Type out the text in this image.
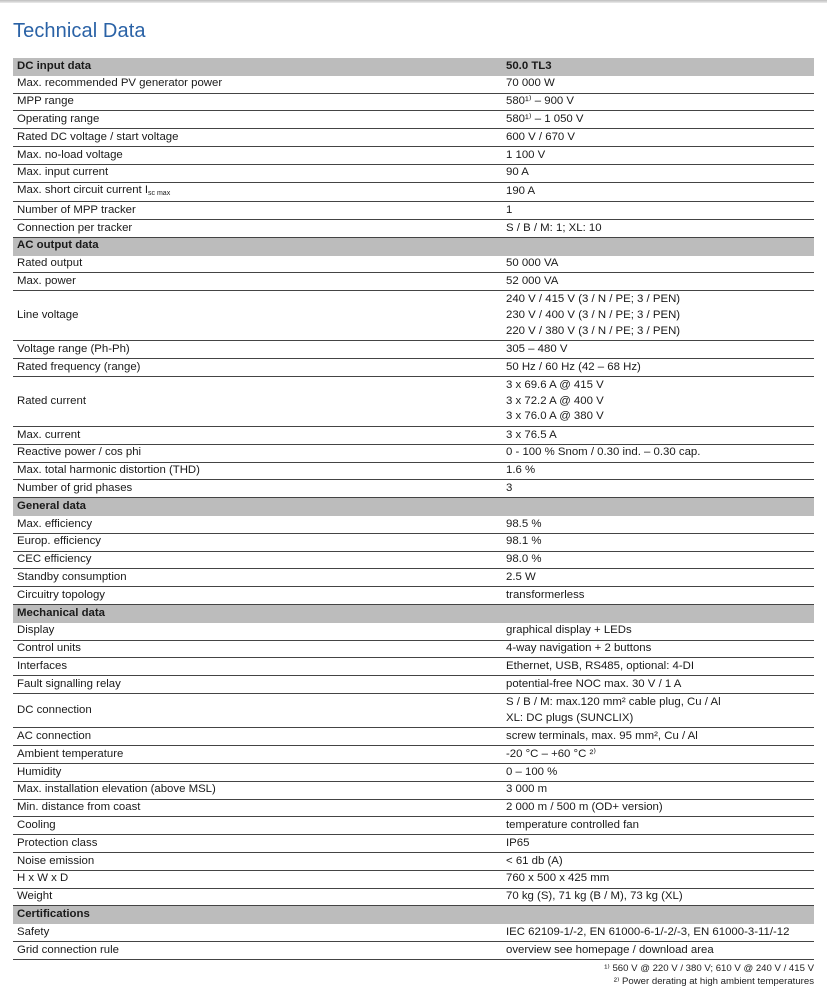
Technical Data
DC input data	50.0 TL3
Max. recommended PV generator power	70 000 W

MPP range	580¹⁾ – 900 V

Operating range	580¹⁾ – 1 050 V

Rated DC voltage / start voltage	600 V / 670 V

Max. no-load voltage	1 100 V

Max. input current	90 A

Max. short circuit current $I_{sc max}$	190 A

Number of MPP tracker	1

Connection per tracker	S / B / M: 1; XL: 10

AC output data	
Rated output	50 000 VA

Max. power	52 000 VA

Line voltage	240 V / 415 V (3 / N / PE; 3 / PEN)
230 V / 400 V (3 / N / PE; 3 / PEN)
220 V / 380 V (3 / N / PE; 3 / PEN)

Voltage range (Ph-Ph)	305 – 480 V

Rated frequency (range)	50 Hz / 60 Hz (42 – 68 Hz)

Rated current	3 x 69.6 A @ 415 V
3 x 72.2 A @ 400 V
3 x 76.0 A @ 380 V

Max. current	3 x 76.5 A

Reactive power / cos phi	0 - 100 % Snom / 0.30 ind. – 0.30 cap.

Max. total harmonic distortion (THD)	1.6 %

Number of grid phases	3

General data	
Max. efficiency	98.5 %

Europ. efficiency	98.1 %

CEC efficiency	98.0 %

Standby consumption	2.5 W

Circuitry topology	transformerless

Mechanical data	
Display	graphical display + LEDs

Control units	4-way navigation + 2 buttons

Interfaces	Ethernet, USB, RS485, optional: 4-DI

Fault signalling relay	potential-free NOC max. 30 V / 1 A

DC connection	S / B / M: max.120 mm² cable plug, Cu / Al
XL: DC plugs (SUNCLIX)

AC connection	screw terminals, max. 95 mm², Cu / Al

Ambient temperature	-20 °C – +60 °C ²⁾

Humidity	0 – 100 %

Max. installation elevation (above MSL)	3 000 m

Min. distance from coast	2 000 m / 500 m (OD+ version)

Cooling	temperature controlled fan

Protection class	IP65

Noise emission	< 61 db (A)

H x W x D	760 x 500 x 425 mm

Weight	70 kg (S), 71 kg (B / M), 73 kg (XL)

Certifications	
Safety	IEC 62109-1/-2, EN 61000-6-1/-2/-3, EN 61000-3-11/-12

Grid connection rule	overview see homepage / download area
¹⁾ 560 V @ 220 V / 380 V; 610 V @ 240 V / 415 V
²⁾ Power derating at high ambient temperatures
